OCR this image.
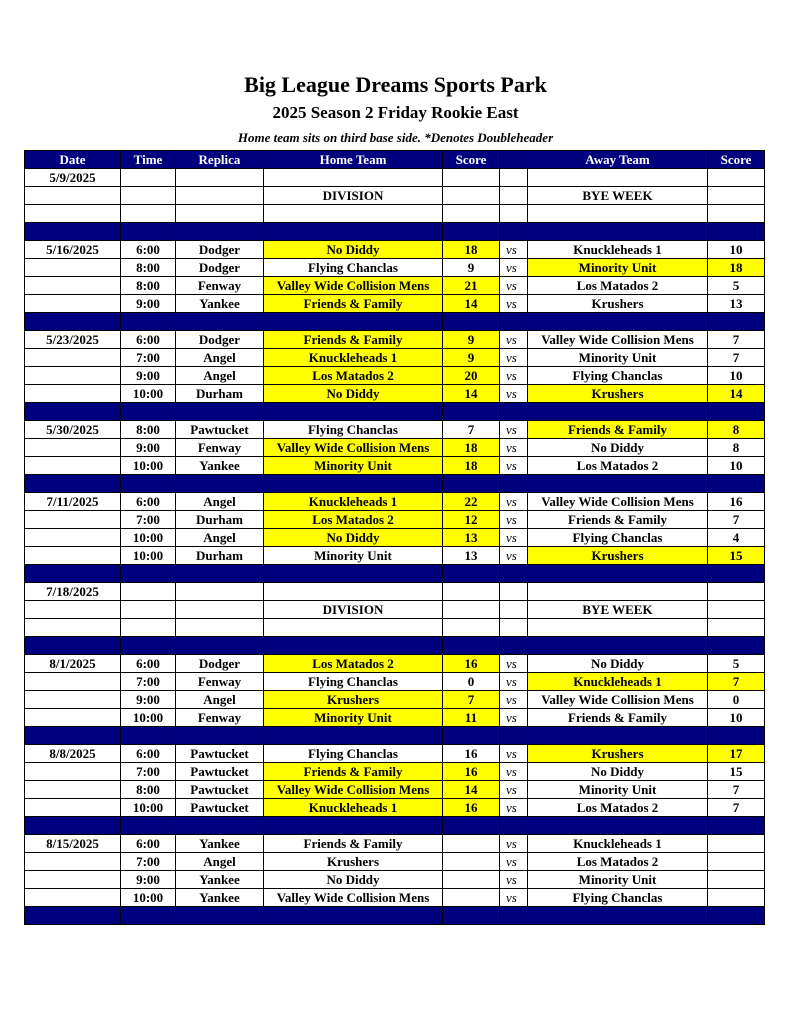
Big League Dreams Sports Park
2025 Season 2 Friday Rookie East
Home team sits on third base side. *Denotes Doubleheader
Date	Time	Replica	Home Team	Score		Away Team	Score
5/9/2025							
			DIVISION			BYE WEEK	

5/16/2025	6:00	Dodger	No Diddy	18	vs	Knuckleheads 1	10
	8:00	Dodger	Flying Chanclas	9	vs	Minority Unit	18
	8:00	Fenway	Valley Wide Collision Mens	21	vs	Los Matados 2	5
	9:00	Yankee	Friends & Family	14	vs	Krushers	13

5/23/2025	6:00	Dodger	Friends & Family	9	vs	Valley Wide Collision Mens	7
	7:00	Angel	Knuckleheads 1	9	vs	Minority Unit	7
	9:00	Angel	Los Matados 2	20	vs	Flying Chanclas	10
	10:00	Durham	No Diddy	14	vs	Krushers	14

5/30/2025	8:00	Pawtucket	Flying Chanclas	7	vs	Friends & Family	8
	9:00	Fenway	Valley Wide Collision Mens	18	vs	No Diddy	8
	10:00	Yankee	Minority Unit	18	vs	Los Matados 2	10

7/11/2025	6:00	Angel	Knuckleheads 1	22	vs	Valley Wide Collision Mens	16
	7:00	Durham	Los Matados 2	12	vs	Friends & Family	7
	10:00	Angel	No Diddy	13	vs	Flying Chanclas	4
	10:00	Durham	Minority Unit	13	vs	Krushers	15

7/18/2025							
			DIVISION			BYE WEEK	

8/1/2025	6:00	Dodger	Los Matados 2	16	vs	No Diddy	5
	7:00	Fenway	Flying Chanclas	0	vs	Knuckleheads 1	7
	9:00	Angel	Krushers	7	vs	Valley Wide Collision Mens	0
	10:00	Fenway	Minority Unit	11	vs	Friends & Family	10

8/8/2025	6:00	Pawtucket	Flying Chanclas	16	vs	Krushers	17
	7:00	Pawtucket	Friends & Family	16	vs	No Diddy	15
	8:00	Pawtucket	Valley Wide Collision Mens	14	vs	Minority Unit	7
	10:00	Pawtucket	Knuckleheads 1	16	vs	Los Matados 2	7

8/15/2025	6:00	Yankee	Friends & Family		vs	Knuckleheads 1	
	7:00	Angel	Krushers		vs	Los Matados 2	
	9:00	Yankee	No Diddy		vs	Minority Unit	
	10:00	Yankee	Valley Wide Collision Mens		vs	Flying Chanclas	
